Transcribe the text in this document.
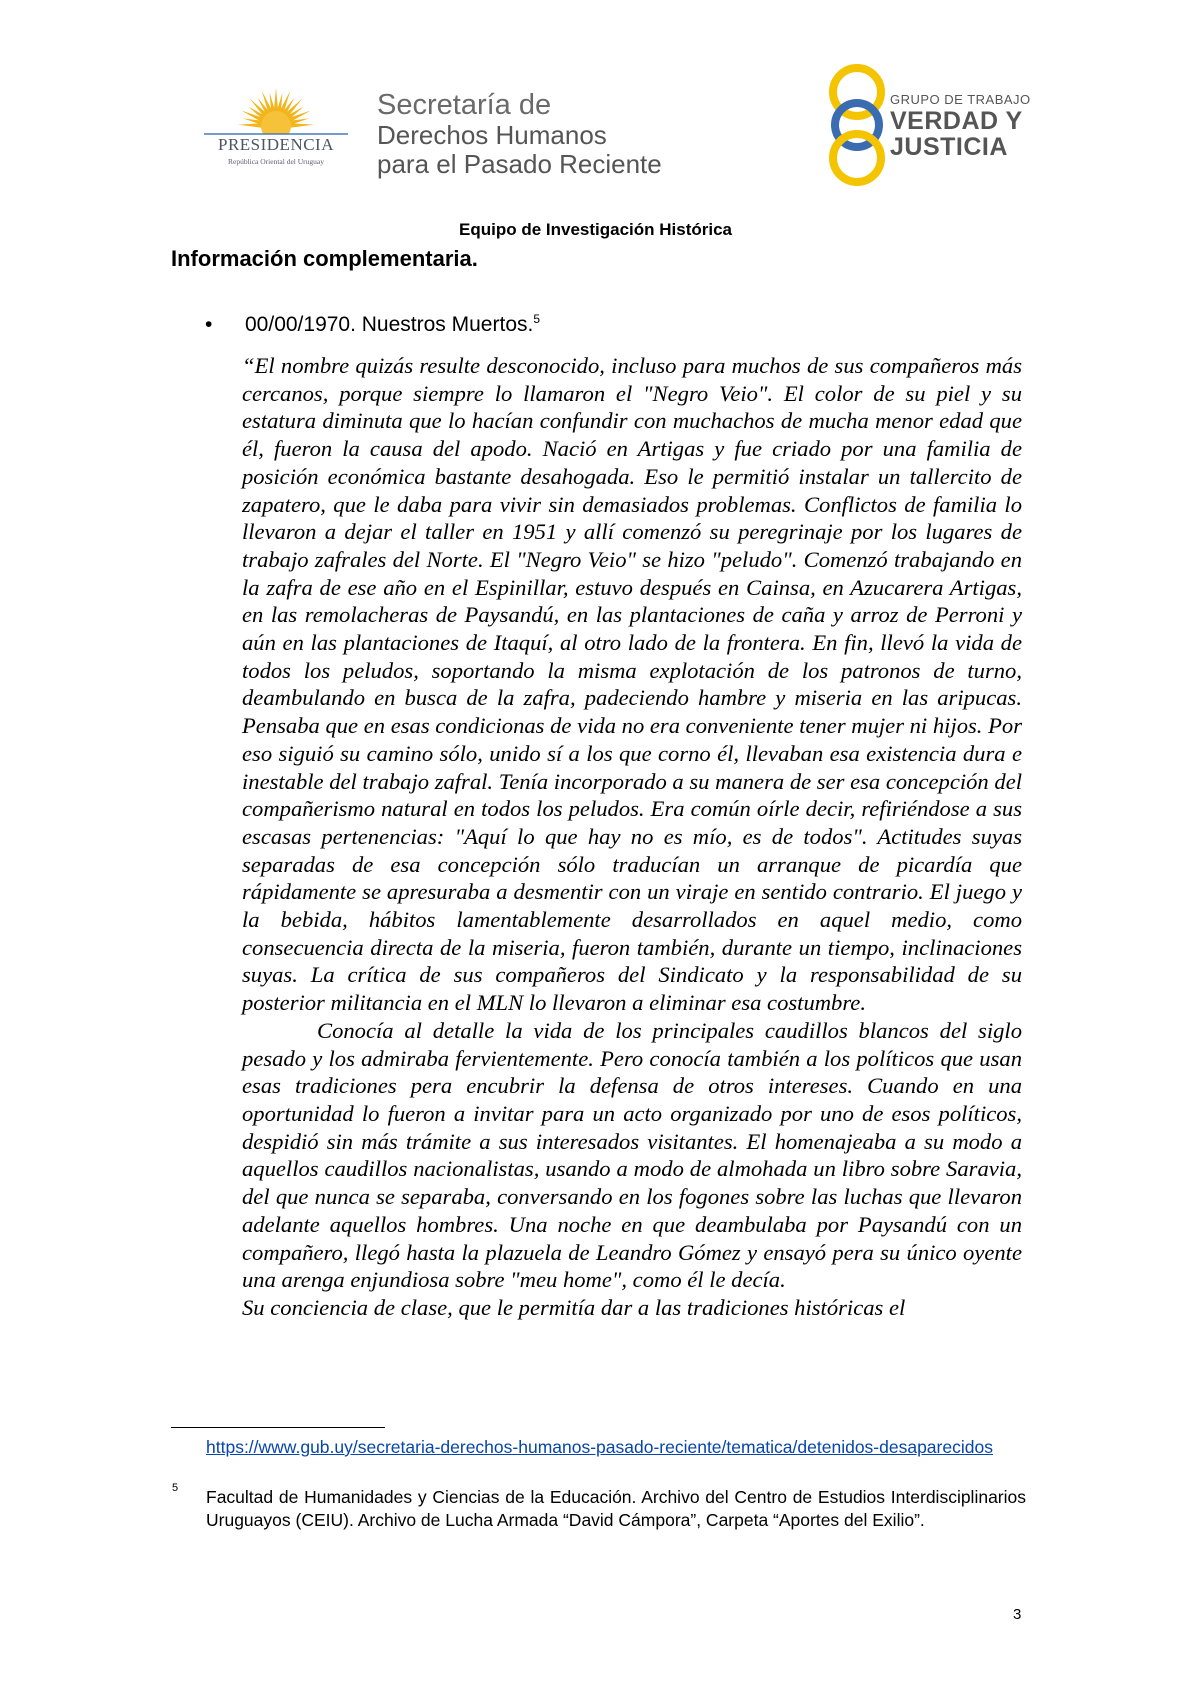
PRESIDENCIA
República Oriental del Uruguay
Secretaría de
Derechos Humanos
para el Pasado Reciente
GRUPO DE TRABAJO
VERDAD Y
JUSTICIA
Equipo de Investigación Histórica
Información complementaria.
• 00/00/1970. Nuestros Muertos.$^5$

“El nombre quizás resulte desconocido, incluso para muchos de sus compañeros más cercanos, porque siempre lo llamaron el "Negro Veio". El color de su piel y su estatura diminuta que lo hacían confundir con muchachos de mucha menor edad que él, fueron la causa del apodo. Nació en Artigas y fue criado por una familia de posición económica bastante desahogada. Eso le permitió instalar un tallercito de zapatero, que le daba para vivir sin demasiados problemas. Conflictos de familia lo llevaron a dejar el taller en 1951 y allí comenzó su peregrinaje por los lugares de trabajo zafrales del Norte. El "Negro Veio" se hizo "peludo". Comenzó trabajando en la zafra de ese año en el Espinillar, estuvo después en Cainsa, en Azucarera Artigas, en las remolacheras de Paysandú, en las plantaciones de caña y arroz de Perroni y aún en las plantaciones de Itaquí, al otro lado de la frontera. En fin, llevó la vida de todos los peludos, soportando la misma explotación de los patronos de turno, deambulando en busca de la zafra, padeciendo hambre y miseria en las aripucas. Pensaba que en esas condicionas de vida no era conveniente tener mujer ni hijos. Por eso siguió su camino sólo, unido sí a los que corno él, llevaban esa existencia dura e inestable del trabajo zafral. Tenía incorporado a su manera de ser esa concepción del compañerismo natural en todos los peludos. Era común oírle decir, refiriéndose a sus escasas pertenencias: "Aquí lo que hay no es mío, es de todos". Actitudes suyas separadas de esa concepción sólo traducían un arranque de picardía que rápidamente se apresuraba a desmentir con un viraje en sentido contrario. El juego y la bebida, hábitos lamentablemente desarrollados en aquel medio, como consecuencia directa de la miseria, fueron también, durante un tiempo, inclinaciones suyas. La crítica de sus compañeros del Sindicato y la responsabilidad de su posterior militancia en el MLN lo llevaron a eliminar esa costumbre.

Conocía al detalle la vida de los principales caudillos blancos del siglo pesado y los admiraba fervientemente. Pero conocía también a los políticos que usan esas tradiciones pera encubrir la defensa de otros intereses. Cuando en una oportunidad lo fueron a invitar para un acto organizado por uno de esos políticos, despidió sin más trámite a sus interesados visitantes. El homenajeaba a su modo a aquellos caudillos nacionalistas, usando a modo de almohada un libro sobre Saravia, del que nunca se separaba, conversando en los fogones sobre las luchas que llevaron adelante aquellos hombres. Una noche en que deambulaba por Paysandú con un compañero, llegó hasta la plazuela de Leandro Gómez y ensayó pera su único oyente una arenga enjundiosa sobre "meu home", como él le decía.

Su conciencia de clase, que le permitía dar a las tradiciones históricas el

https://www.gub.uy/secretaria-derechos-humanos-pasado-reciente/tematica/detenidos-desaparecidos
5 Facultad de Humanidades y Ciencias de la Educación. Archivo del Centro de Estudios Interdisciplinarios Uruguayos (CEIU). Archivo de Lucha Armada “David Cámpora”, Carpeta “Aportes del Exilio”.
3
